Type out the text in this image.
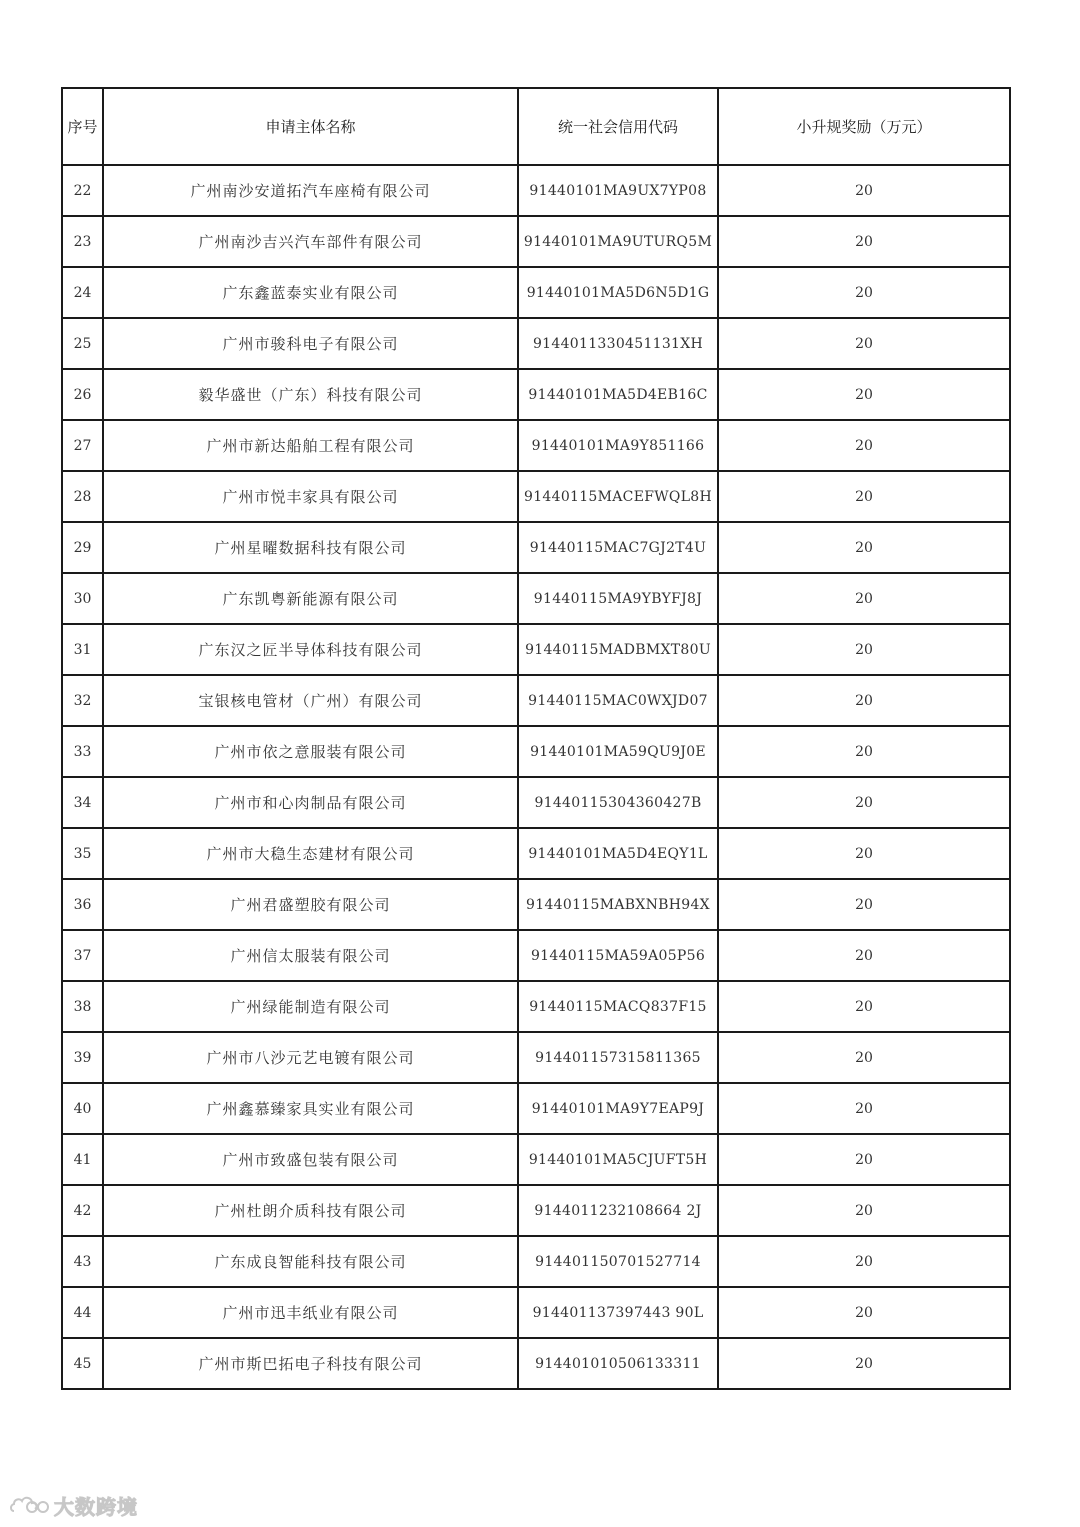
序号	申请主体名称	统一社会信用代码	小升规奖励（万元）
22	广州南沙安道拓汽车座椅有限公司	91440101MA9UX7YP08	20
23	广州南沙吉兴汽车部件有限公司	91440101MA9UTURQ5M	20
24	广东鑫蓝泰实业有限公司	91440101MA5D6N5D1G	20
25	广州市骏科电子有限公司	9144011330451131XH	20
26	毅华盛世（广东）科技有限公司	91440101MA5D4EB16C	20
27	广州市新达船舶工程有限公司	91440101MA9Y851166	20
28	广州市悦丰家具有限公司	91440115MACEFWQL8H	20
29	广州星曜数据科技有限公司	91440115MAC7GJ2T4U	20
30	广东凯粤新能源有限公司	91440115MA9YBYFJ8J	20
31	广东汉之匠半导体科技有限公司	91440115MADBMXT80U	20
32	宝银核电管材（广州）有限公司	91440115MAC0WXJD07	20
33	广州市依之意服装有限公司	91440101MA59QU9J0E	20
34	广州市和心肉制品有限公司	91440115304360427B	20
35	广州市大稳生态建材有限公司	91440101MA5D4EQY1L	20
36	广州君盛塑胶有限公司	91440115MABXNBH94X	20
37	广州信太服装有限公司	91440115MA59A05P56	20
38	广州绿能制造有限公司	91440115MACQ837F15	20
39	广州市八沙元艺电镀有限公司	914401157315811365	20
40	广州鑫慕臻家具实业有限公司	91440101MA9Y7EAP9J	20
41	广州市致盛包装有限公司	91440101MA5CJUFT5H	20
42	广州杜朗介质科技有限公司	9144011232108664 2J	20
43	广东成良智能科技有限公司	914401150701527714	20
44	广州市迅丰纸业有限公司	914401137397443 90L	20
45	广州市斯巴拓电子科技有限公司	914401010506133311	20
大数跨境
